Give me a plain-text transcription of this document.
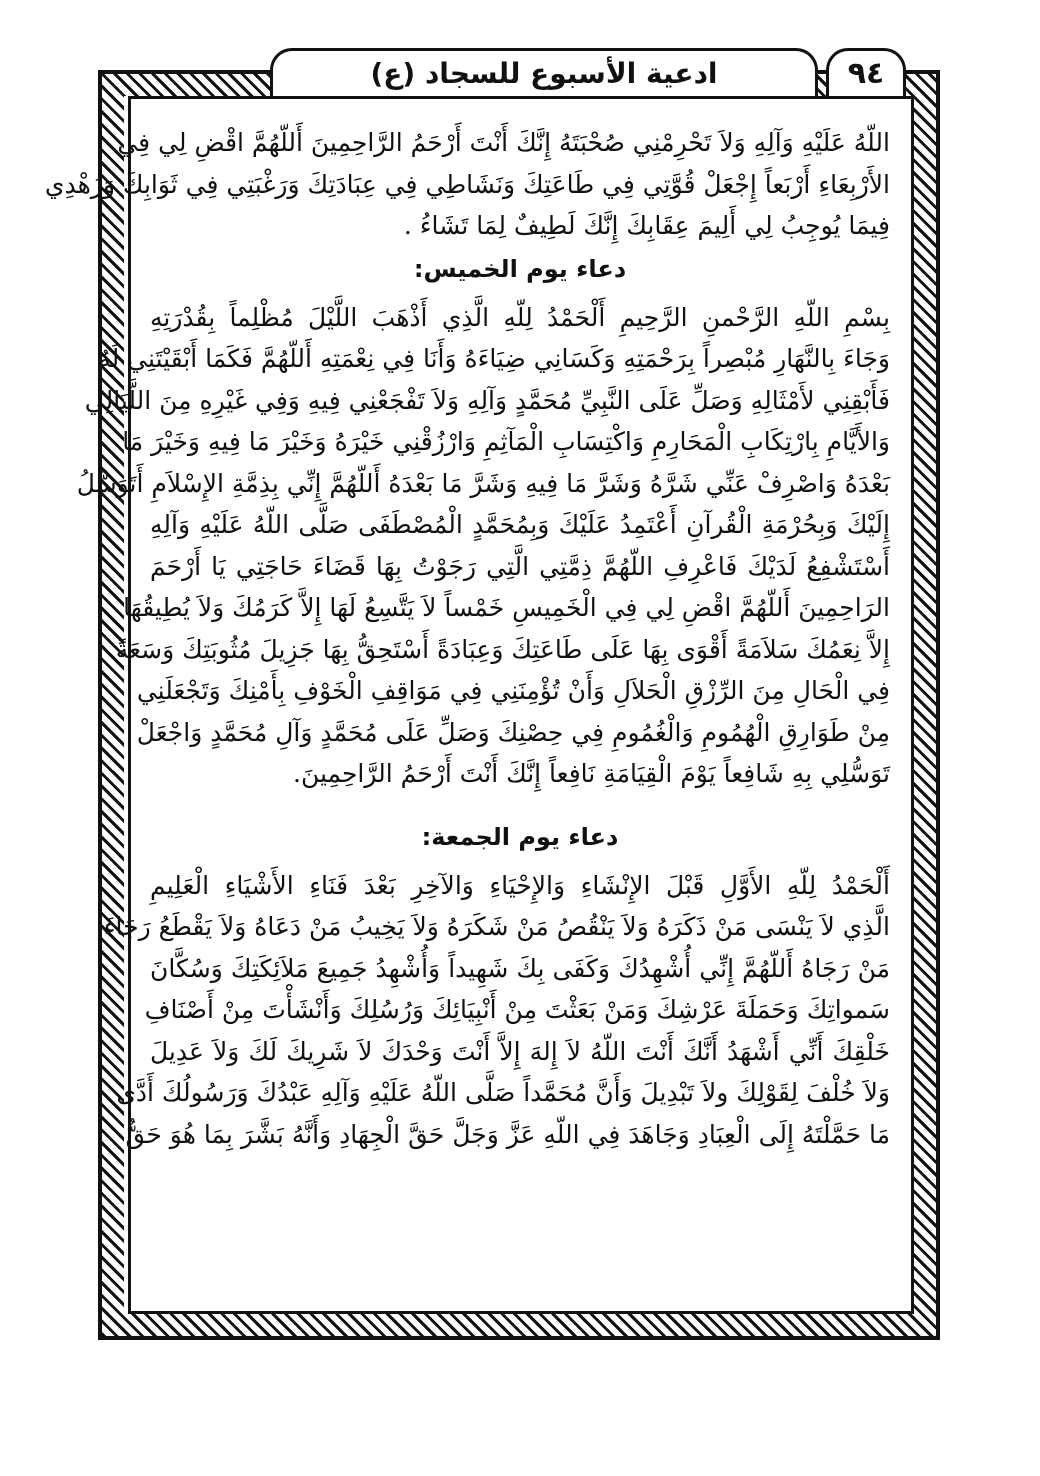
ادعية الأسبوع للسجاد (ع)	٩٤
اللّهُ عَلَيْهِ وَآلِهِ وَلاَ تَحْرِمْنِي صُحْبَتَهُ إِنَّكَ أَنْتَ أَرْحَمُ الرَّاحِمِينَ أَللّهُمَّ اقْضِ لِي فِي
الأَرْبِعَاءِ أَرْبَعاً إِجْعَلْ قُوَّتِي فِي طَاعَتِكَ وَنَشَاطِي فِي عِبَادَتِكَ وَرَغْبَتِي فِي ثَوَابِكَ وَزُهْدِي
فِيمَا يُوجِبُ لِي أَلِيمَ عِقَابِكَ إِنَّكَ لَطِيفٌ لِمَا تَشَاءُ .
دعاء يوم الخميس:
بِسْمِ اللّهِ الرَّحْمنِ الرَّحِيمِ أَلْحَمْدُ لِلّهِ الَّذِي أَذْهَبَ اللَّيْلَ مُظْلِماً بِقُدْرَتِهِ
وَجَاءَ بِالنَّهَارِ مُبْصِراً بِرَحْمَتِهِ وَكَسَانِي ضِيَاءَهُ وَأَنَا فِي نِعْمَتِهِ أَللّهُمَّ فَكَمَا أَبْقَيْتَنِي لَهُ
فَأَبْقِنِي لأَمْثَالِهِ وَصَلِّ عَلَى النَّبِيِّ مُحَمَّدٍ وَآلِهِ وَلاَ تَفْجَعْنِي فِيهِ وَفِي غَيْرِهِ مِنَ اللَّيَالِي
وَالأَيَّامِ بِارْتِكَابِ الْمَحَارِمِ وَاكْتِسَابِ الْمَآثِمِ وَارْزُقْنِي خَيْرَهُ وَخَيْرَ مَا فِيهِ وَخَيْرَ مَا
بَعْدَهُ وَاصْرِفْ عَنِّي شَرَّهُ وَشَرَّ مَا فِيهِ وَشَرَّ مَا بَعْدَهُ أَللّهُمَّ إِنِّي بِذِمَّةِ الإِسْلاَمِ أَتَوَسَّلُ
إِلَيْكَ وَبِحُرْمَةِ الْقُرآنِ أَعْتَمِدُ عَلَيْكَ وَبِمُحَمَّدٍ الْمُصْطَفَى صَلَّى اللّهُ عَلَيْهِ وَآلِهِ
أَسْتَشْفِعُ لَدَيْكَ فَاعْرِفِ اللّهُمَّ ذِمَّتِي الَّتِي رَجَوْتُ بِهَا قَضَاءَ حَاجَتِي يَا أَرْحَمَ
الرَاحِمِينَ أَللّهُمَّ اقْضِ لِي فِي الْخَمِيسِ خَمْساً لاَ يَتَّسِعُ لَهَا إِلاَّ كَرَمُكَ وَلاَ يُطِيقُهَا
إِلاَّ نِعَمُكَ سَلاَمَةً أَقْوَى بِهَا عَلَى طَاعَتِكَ وَعِبَادَةً أَسْتَحِقُّ بِهَا جَزِيلَ مُثُوبَتِكَ وَسَعَةً
فِي الْحَالِ مِنَ الرِّزْقِ الْحَلاَلِ وَأَنْ تُؤْمِنَنِي فِي مَوَاقِفِ الْخَوْفِ بِأَمْنِكَ وَتَجْعَلَنِي
مِنْ طَوَارِقِ الْهُمُومِ وَالْغُمُومِ فِي حِصْنِكَ وَصَلِّ عَلَى مُحَمَّدٍ وَآلِ مُحَمَّدٍ وَاجْعَلْ
تَوَسُّلِي بِهِ شَافِعاً يَوْمَ الْقِيَامَةِ نَافِعاً إِنَّكَ أَنْتَ أَرْحَمُ الرَّاحِمِينَ.
دعاء يوم الجمعة:
أَلْحَمْدُ لِلّهِ الأَوَّلِ قَبْلَ الإِنْشَاءِ وَالإِحْيَاءِ وَالآخِرِ بَعْدَ فَنَاءِ الأَشْيَاءِ الْعَلِيمِ
الَّذِي لاَ يَنْسَى مَنْ ذَكَرَهُ وَلاَ يَنْقُصُ مَنْ شَكَرَهُ وَلاَ يَخِيبُ مَنْ دَعَاهُ وَلاَ يَقْطَعُ رَجَاءَ
مَنْ رَجَاهُ أَللّهُمَّ إِنِّي أُشْهِدُكَ وَكَفَى بِكَ شَهِيداً وَأُشْهِدُ جَمِيعَ مَلاَئِكَتِكَ وَسُكَّانَ
سَمواتِكَ وَحَمَلَةَ عَرْشِكَ وَمَنْ بَعَثْتَ مِنْ أَنْبِيَائِكَ وَرُسُلِكَ وَأَنْشَأْتَ مِنْ أَصْنَافِ
خَلْقِكَ أَنِّي أَشْهَدُ أَنَّكَ أَنْتَ اللّهُ لاَ إِلهَ إِلاَّ أَنْتَ وَحْدَكَ لاَ شَرِيكَ لَكَ وَلاَ عَدِيلَ
وَلاَ خُلْفَ لِقَوْلِكَ ولاَ تَبْدِيلَ وَأَنَّ مُحَمَّداً صَلَّى اللّهُ عَلَيْهِ وَآلِهِ عَبْدُكَ وَرَسُولُكَ أَدَّى
مَا حَمَّلْتَهُ إِلَى الْعِبَادِ وَجَاهَدَ فِي اللّهِ عَزَّ وَجَلَّ حَقَّ الْجِهَادِ وَأَنَّهُ بَشَّرَ بِمَا هُوَ حَقٌّ
